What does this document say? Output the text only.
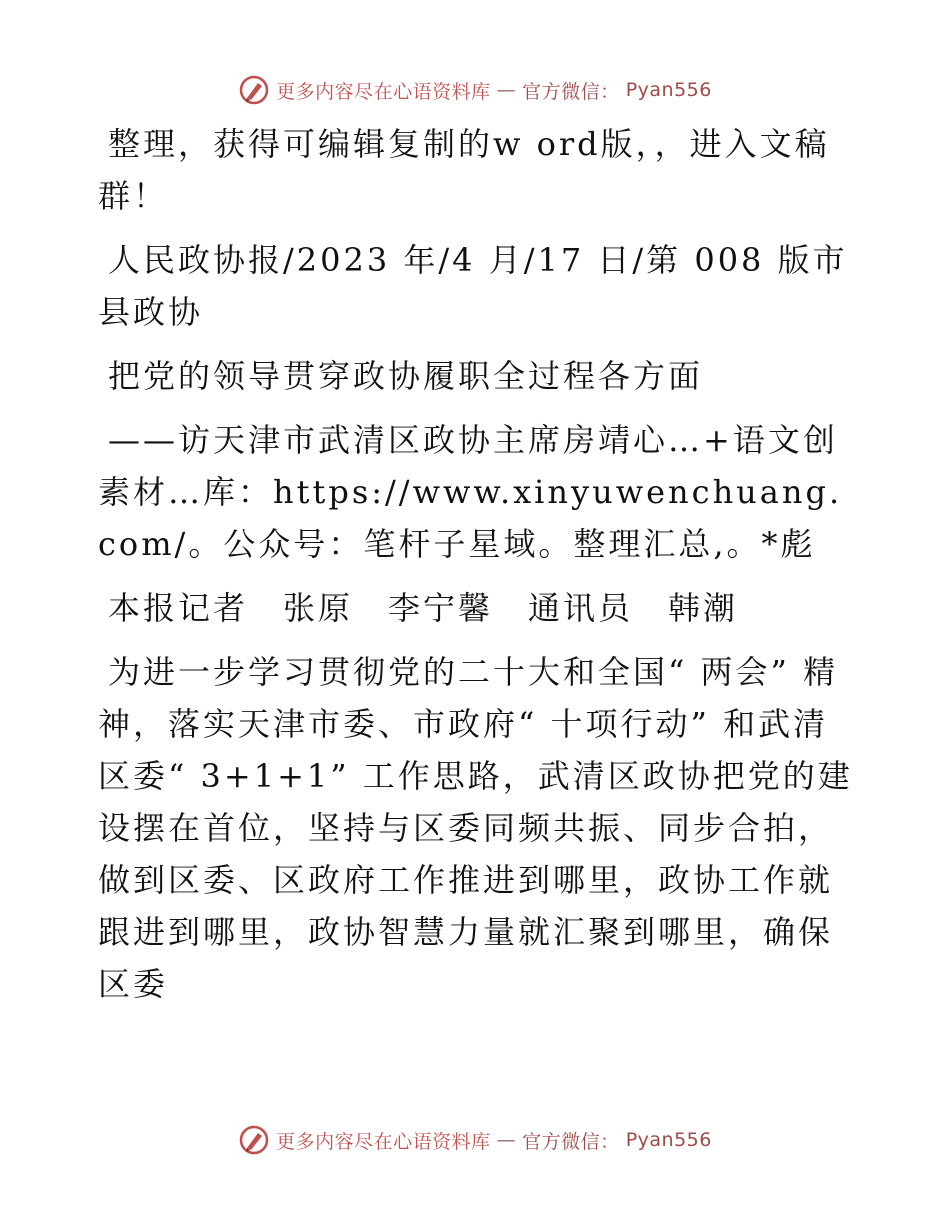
更多内容尽在心语资料库 — 官方微信： Pyan556

整理，获得可编辑复制的w ord版，，进入文稿群！

人民政协报/2023 年/4 月/17 日/第 008 版市县政协

把党的领导贯穿政协履职全过程各方面

——访天津市武清区政协主席房靖心…+语文创素材…库：https://www.xinyuwenchuang.com/。公众号：笔杆子星域。整理汇总,。*彪

本报记者　张原　李宁馨　通讯员　韩潮

为进一步学习贯彻党的二十大和全国“ 两会” 精神，落实天津市委、市政府“ 十项行动” 和武清区委“ 3+1+1” 工作思路，武清区政协把党的建设摆在首位，坚持与区委同频共振、同步合拍，做到区委、区政府工作推进到哪里，政协工作就跟进到哪里，政协智慧力量就汇聚到哪里，确保区委

更多内容尽在心语资料库 — 官方微信： Pyan556
